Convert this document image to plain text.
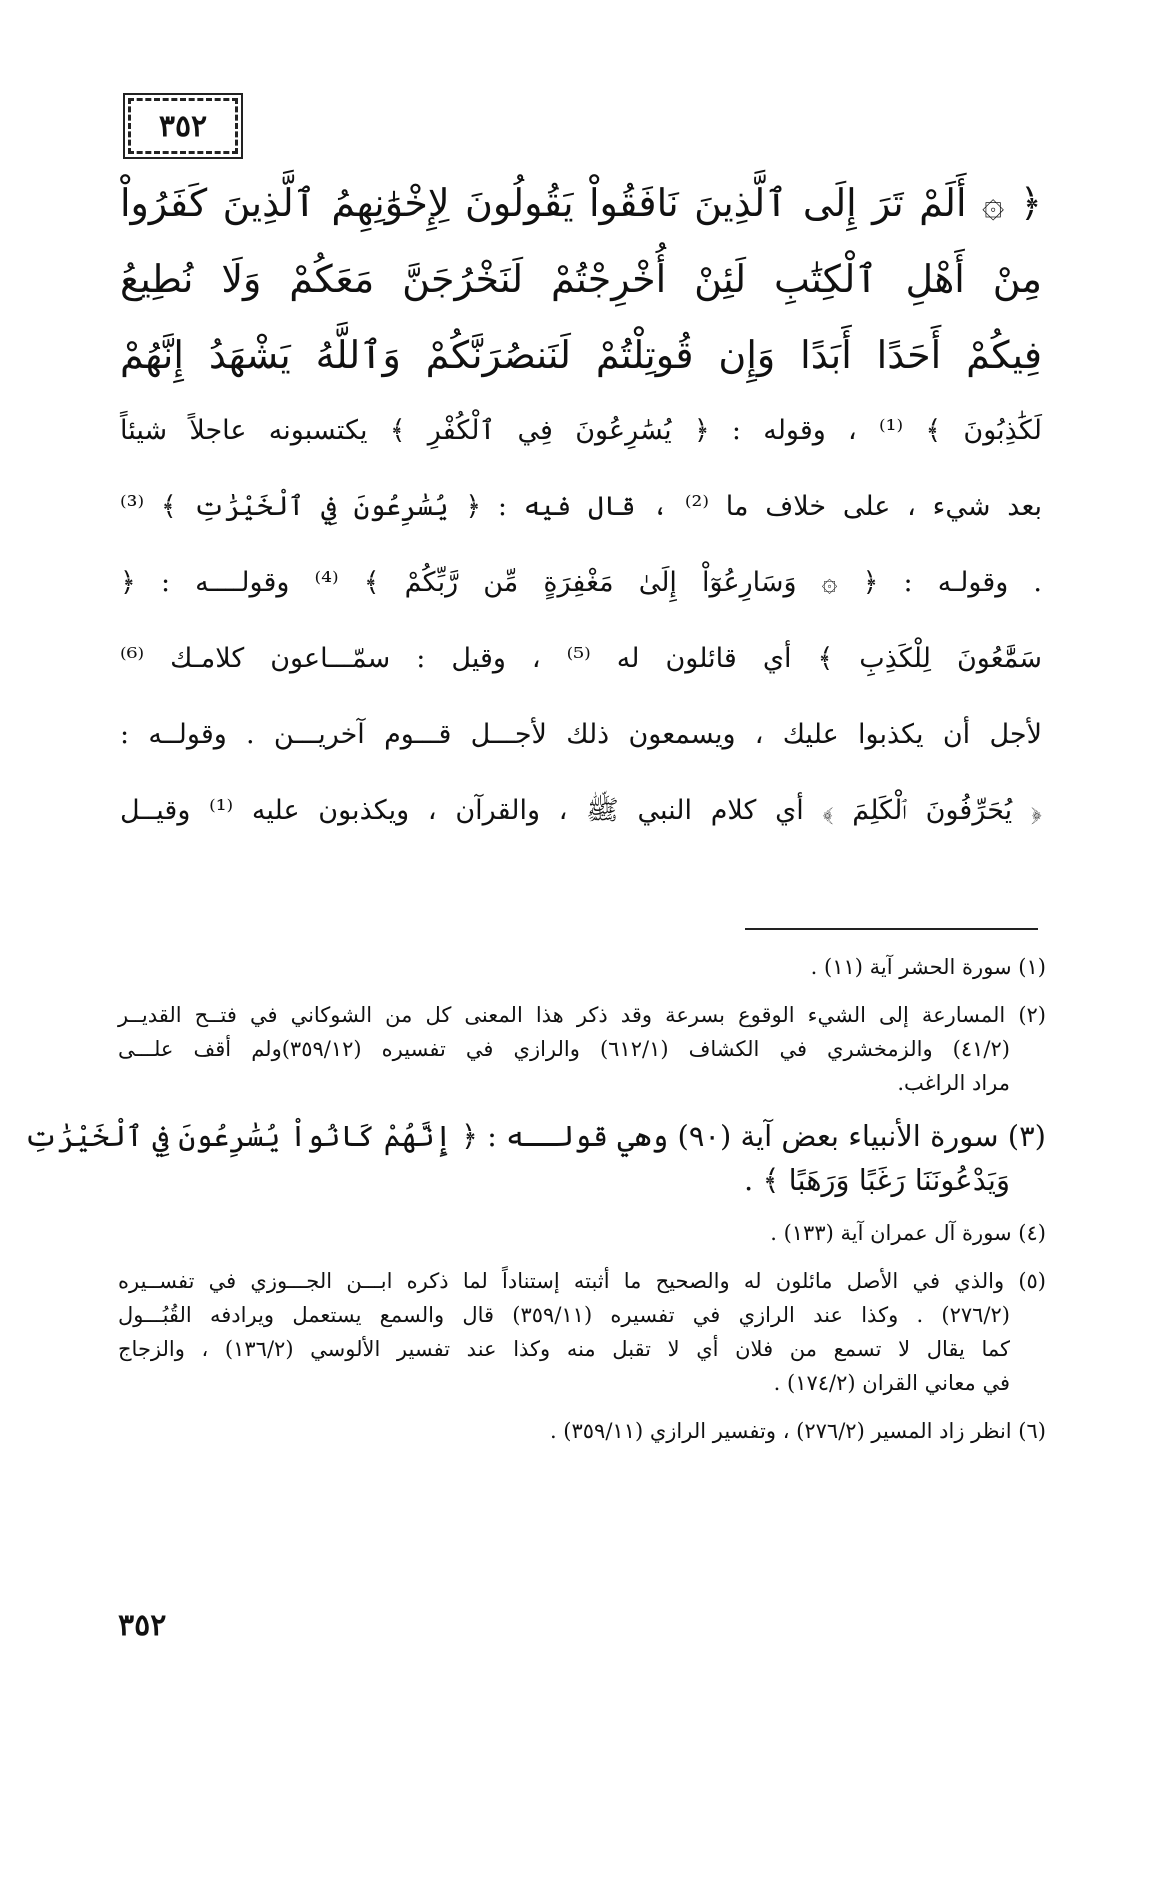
٣٥٢
﴿ ۞ أَلَمْ تَرَ إِلَى ٱلَّذِينَ نَافَقُواْ يَقُولُونَ لِإِخْوَٰنِهِمُ ٱلَّذِينَ كَفَرُواْ
مِنْ أَهْلِ ٱلْكِتَٰبِ لَئِنْ أُخْرِجْتُمْ لَنَخْرُجَنَّ مَعَكُمْ وَلَا نُطِيعُ
فِيكُمْ أَحَدًا أَبَدًا وَإِن قُوتِلْتُمْ لَنَنصُرَنَّكُمْ وَٱللَّهُ يَشْهَدُ إِنَّهُمْ
لَكَٰذِبُونَ ﴾ ⁽¹⁾ ، وقوله : ﴿ يُسَٰرِعُونَ فِي ٱلْكُفْرِ ﴾ يكتسبونه عاجلاً شيئاً
بعد شيء ، على خلاف ما ⁽²⁾ ، قال فيه : ﴿ يُسَٰرِعُونَ فِي ٱلْخَيْرَٰتِ ﴾ ⁽³⁾
. وقولـه : ﴿ ۞ وَسَارِعُوٓاْ إِلَىٰ مَغْفِرَةٍ مِّن رَّبِّكُمْ ﴾ ⁽⁴⁾ وقولــــه : ﴿
سَمَّٰعُونَ لِلْكَذِبِ ﴾ أي قائلون له ⁽⁵⁾ ، وقيل : سمّـــاعون كلامـك ⁽⁶⁾
لأجل أن يكذبوا عليك ، ويسمعون ذلك لأجـــل قـــوم آخريـــن . وقولــه :
﴿ يُحَرِّفُونَ ٱلْكَلِمَ ﴾ أي كلام النبي ﷺ ، والقرآن ، ويكذبون عليه ⁽¹⁾ وقيــل
(١) سورة الحشر آية (١١) .
(٢) المسارعة إلى الشيء الوقوع بسرعة وقد ذكر هذا المعنى كل من الشوكاني في فتــح القديــر
(٤١/٢) والزمخشري في الكشاف (٦١٢/١) والرازي في تفسيره (٣٥٩/١٢)ولم أقف علـــى
مراد الراغب.
(٣) سورة الأنبياء بعض آية (٩٠) وهي قولــه : ﴿ إِنَّهُمْ كَانُواْ يُسَٰرِعُونَ فِي ٱلْخَيْرَٰتِ
وَيَدْعُونَنَا رَغَبًا وَرَهَبًا ﴾ .
(٤) سورة آل عمران آية (١٣٣) .
(٥) والذي في الأصل مائلون له والصحيح ما أثبته إستناداً لما ذكره ابـــن الجـــوزي في تفســيره
(٢٧٦/٢) . وكذا عند الرازي في تفسيره (٣٥٩/١١) قال والسمع يستعمل ويرادفه القُبُـــول
كما يقال لا تسمع من فلان أي لا تقبل منه وكذا عند تفسير الألوسي (١٣٦/٢) ، والزجاج
في معاني القران (١٧٤/٢) .
(٦) انظر زاد المسير (٢٧٦/٢) ، وتفسير الرازي (٣٥٩/١١) .
٣٥٢
